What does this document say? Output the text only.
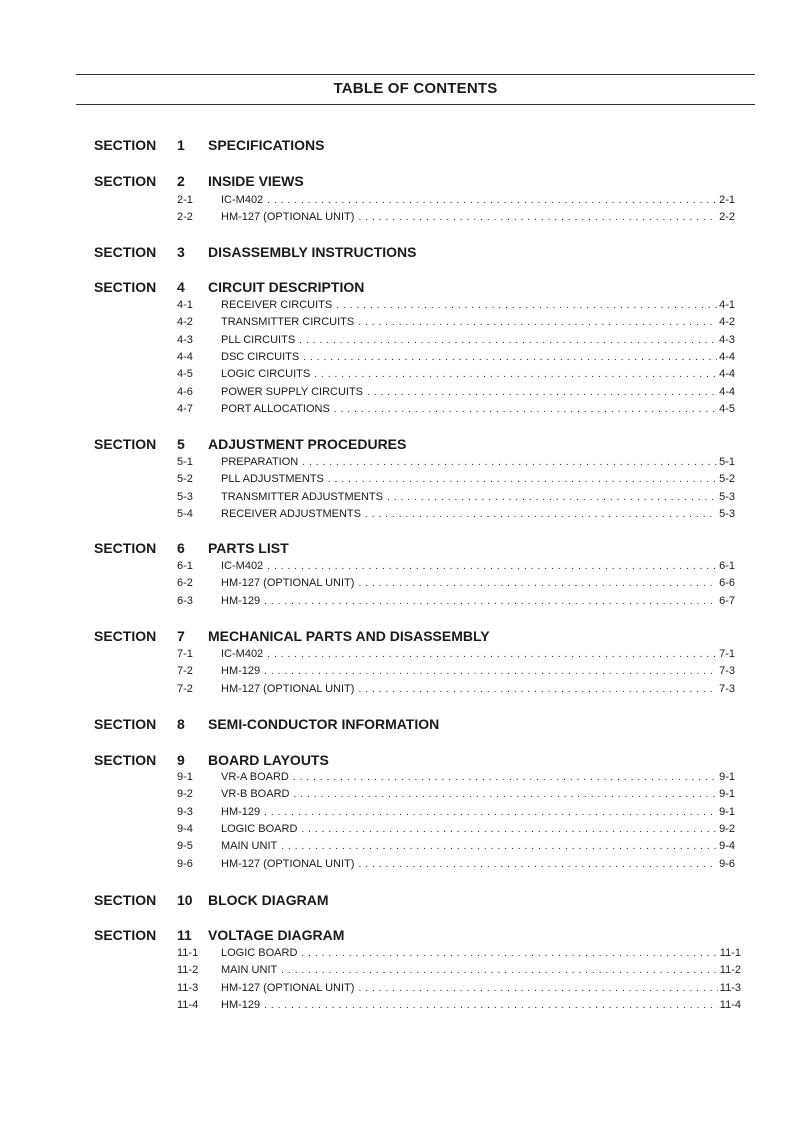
TABLE OF CONTENTS
SECTION 1 SPECIFICATIONS
SECTION 2 INSIDE VIEWS
2-1	IC-M402 . . .	2-1
2-2	HM-127 (OPTIONAL UNIT) . . .	2-2
SECTION 3 DISASSEMBLY INSTRUCTIONS
SECTION 4 CIRCUIT DESCRIPTION
4-1	RECEIVER CIRCUITS . . .	4-1
4-2	TRANSMITTER CIRCUITS . . .	4-2
4-3	PLL CIRCUITS . . .	4-3
4-4	DSC CIRCUITS . . .	4-4
4-5	LOGIC CIRCUITS . . .	4-4
4-6	POWER SUPPLY CIRCUITS . . .	4-4
4-7	PORT ALLOCATIONS . . .	4-5
SECTION 5 ADJUSTMENT PROCEDURES
5-1	PREPARATION . . .	5-1
5-2	PLL ADJUSTMENTS . . .	5-2
5-3	TRANSMITTER ADJUSTMENTS . . .	5-3
5-4	RECEIVER ADJUSTMENTS . . .	5-3
SECTION 6 PARTS LIST
6-1	IC-M402 . . .	6-1
6-2	HM-127 (OPTIONAL UNIT) . . .	6-6
6-3	HM-129 . . .	6-7
SECTION 7 MECHANICAL PARTS AND DISASSEMBLY
7-1	IC-M402 . . .	7-1
7-2	HM-129 . . .	7-3
7-2	HM-127 (OPTIONAL UNIT) . . .	7-3
SECTION 8 SEMI-CONDUCTOR INFORMATION
SECTION 9 BOARD LAYOUTS
9-1	VR-A BOARD . . .	9-1
9-2	VR-B BOARD . . .	9-1
9-3	HM-129 . . .	9-1
9-4	LOGIC BOARD . . .	9-2
9-5	MAIN UNIT . . .	9-4
9-6	HM-127 (OPTIONAL UNIT) . . .	9-6
SECTION 10 BLOCK DIAGRAM
SECTION 11 VOLTAGE DIAGRAM
11-1	LOGIC BOARD . . .	11-1
11-2	MAIN UNIT . . .	11-2
11-3	HM-127 (OPTIONAL UNIT) . . .	11-3
11-4	HM-129 . . .	11-4
